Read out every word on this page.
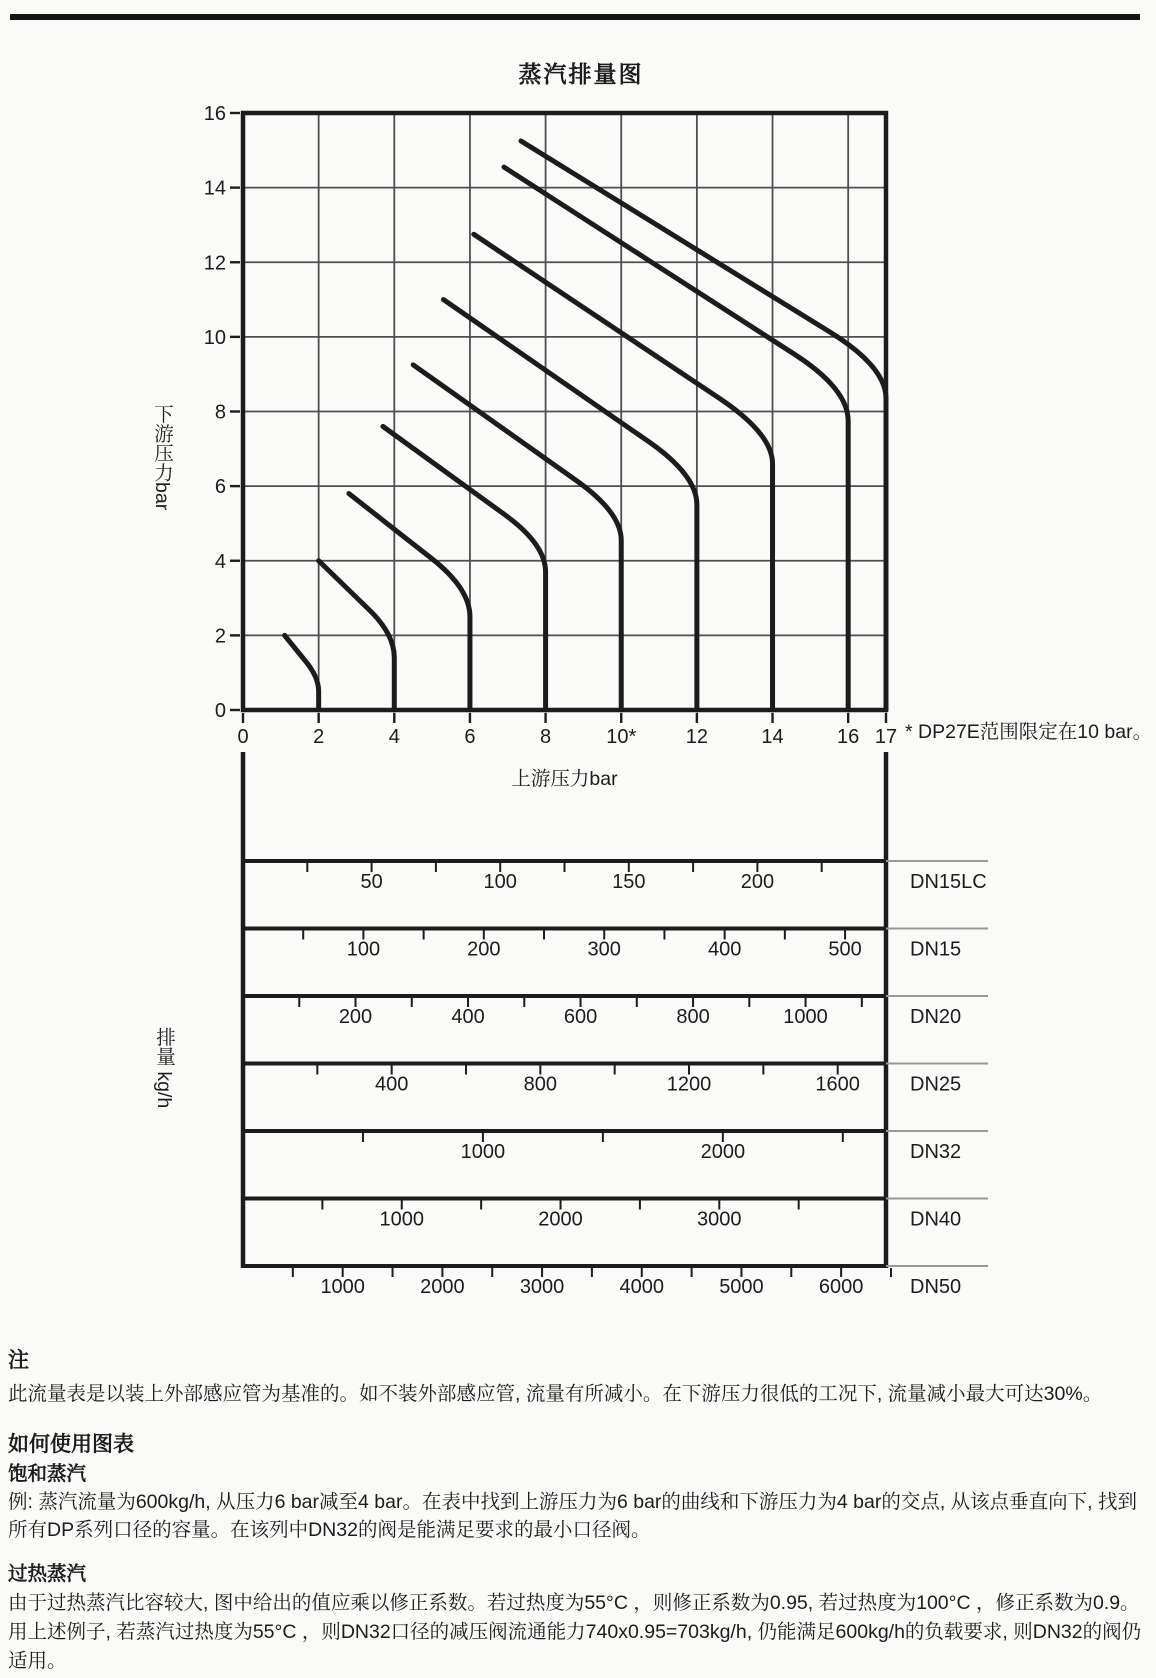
蒸汽排量图
0
2
4
6
8
10
12
14
16
0	2	4	6	8	10* 12	14	16 17
50	100	150	200	DN15LC
100	200	300	400	500 DN15
200	400	600	800	1000	DN20
400	800	1200	1600	DN25
1000	2000	DN32
1000	2000	3000	DN40
1000	2000	3000	4000	5000	6000 DN50
下游压力bar
上游压力bar
* DP27E范围限定在10 bar。
排量 kg/h
注

此流量表是以装上外部感应管为基准的。如不装外部感应管, 流量有所减小。在下游压力很低的工况下, 流量减小最大可达30%。

如何使用图表
饱和蒸汽

例: 蒸汽流量为600kg/h, 从压力6 bar减至4 bar。在表中找到上游压力为6 bar的曲线和下游压力为4 bar的交点, 从该点垂直向下, 找到所有DP系列口径的容量。在该列中DN32的阀是能满足要求的最小口径阀。

过热蒸汽

由于过热蒸汽比容较大, 图中给出的值应乘以修正系数。若过热度为55°C ，则修正系数为0.95, 若过热度为100°C ，修正系数为0.9。用上述例子, 若蒸汽过热度为55°C ，则DN32口径的减压阀流通能力740x0.95=703kg/h, 仍能满足600kg/h的负载要求, 则DN32的阀仍适用。
